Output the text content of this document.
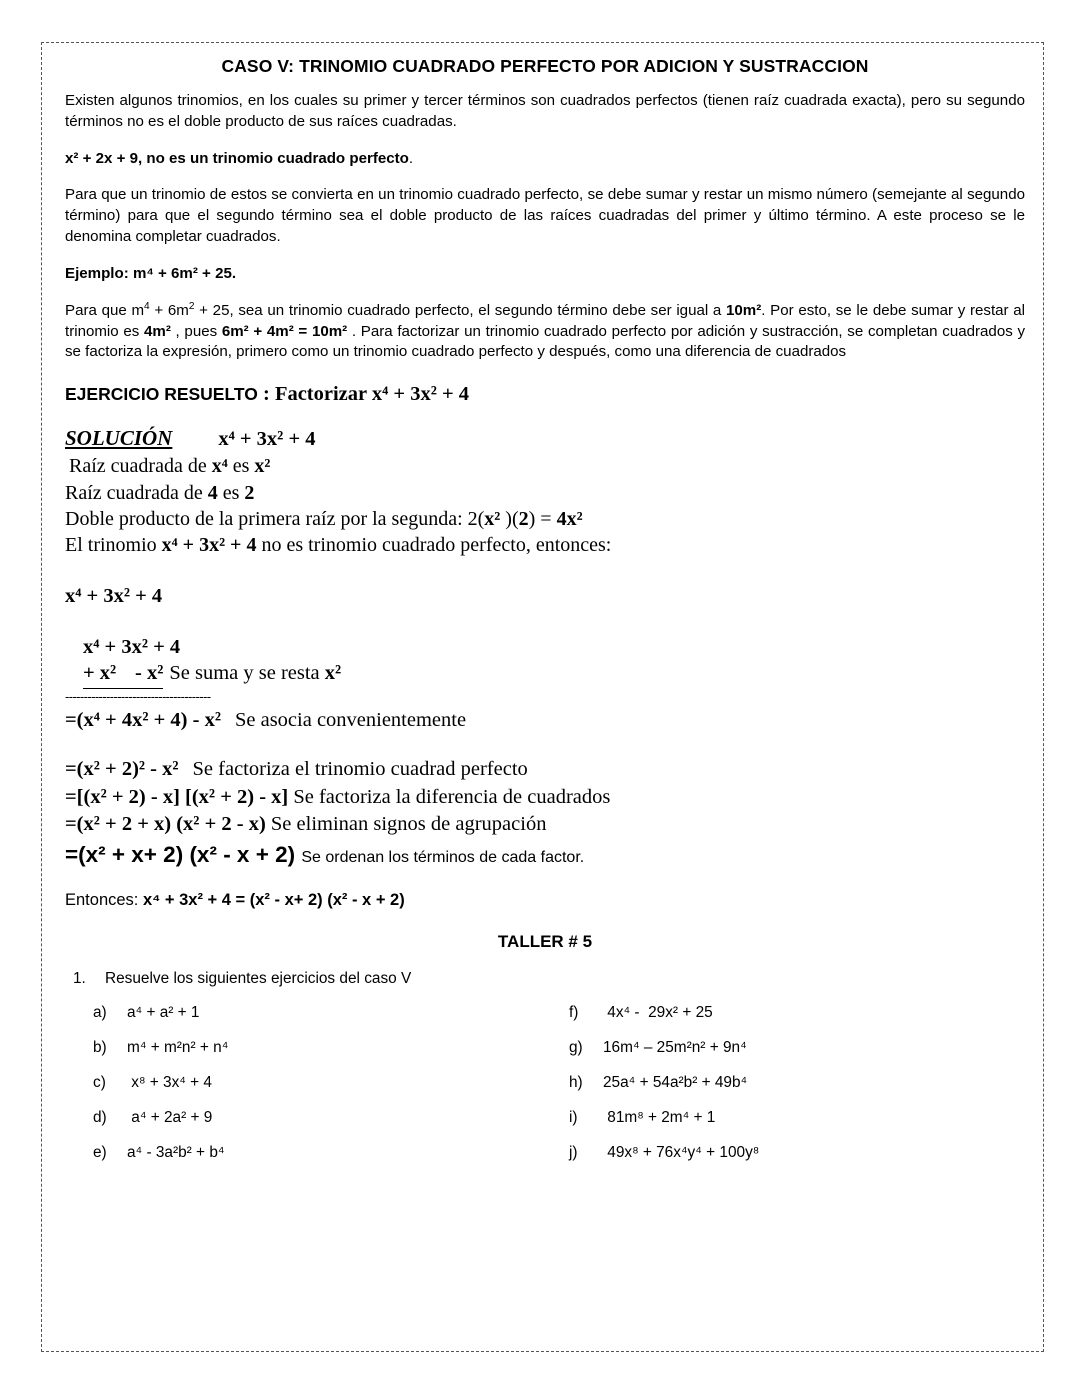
CASO V: TRINOMIO CUADRADO PERFECTO POR ADICION Y SUSTRACCION

Existen algunos trinomios, en los cuales su primer y tercer términos son cuadrados perfectos (tienen raíz cuadrada exacta), pero su segundo términos no es el doble producto de sus raíces cuadradas.

x² + 2x + 9, no es un trinomio cuadrado perfecto.

Para que un trinomio de estos se convierta en un trinomio cuadrado perfecto, se debe sumar y restar un mismo número (semejante al segundo término) para que el segundo término sea el doble producto de las raíces cuadradas del primer y último término. A este proceso se le denomina completar cuadrados.

Ejemplo: m⁴ + 6m² + 25.

Para que $m^4 + 6m^2 + 25$, sea un trinomio cuadrado perfecto, el segundo término debe ser igual a 10m². Por esto, se le debe sumar y restar al trinomio es 4m² , pues 6m² + 4m² = 10m² . Para factorizar un trinomio cuadrado perfecto por adición y sustracción, se completan cuadrados y se factoriza la expresión, primero como un trinomio cuadrado perfecto y después, como una diferencia de cuadrados

EJERCICIO RESUELTO : Factorizar x⁴ + 3x² + 4
SOLUCIÓN x⁴ + 3x² + 4
Raíz cuadrada de x⁴ es x²
Raíz cuadrada de 4 es 2
Doble producto de la primera raíz por la segunda: 2(x² )(2) = 4x²
El trinomio x⁴ + 3x² + 4 no es trinomio cuadrado perfecto, entonces:
x⁴ + 3x² + 4
x⁴ + 3x² + 4
+ x² - x² Se suma y se resta x²
---------------------------------------
=(x⁴ + 4x² + 4) - x² Se asocia convenientemente
=(x² + 2)² - x² Se factoriza el trinomio cuadrad perfecto
=[(x² + 2) - x] [(x² + 2) - x] Se factoriza la diferencia de cuadrados
=(x² + 2 + x) (x² + 2 - x) Se eliminan signos de agrupación
=(x² + x+ 2) (x² - x + 2) Se ordenan los términos de cada factor.
Entonces: x⁴ + 3x² + 4 = (x² - x+ 2) (x² - x + 2)
TALLER # 5
1. Resuelve los siguientes ejercicios del caso V
a)	a⁴ + a² + 1
b)	m⁴ + m²n² + n⁴
c)	x⁸ + 3x⁴ + 4
d)	a⁴ + 2a² + 9
e)	a⁴ - 3a²b² + b⁴
f)	4x⁴ -  29x² + 25
g)	16m⁴ – 25m²n² + 9n⁴
h)	25a⁴ + 54a²b² + 49b⁴
i)	81m⁸ + 2m⁴ + 1
j)	49x⁸ + 76x⁴y⁴ + 100y⁸
